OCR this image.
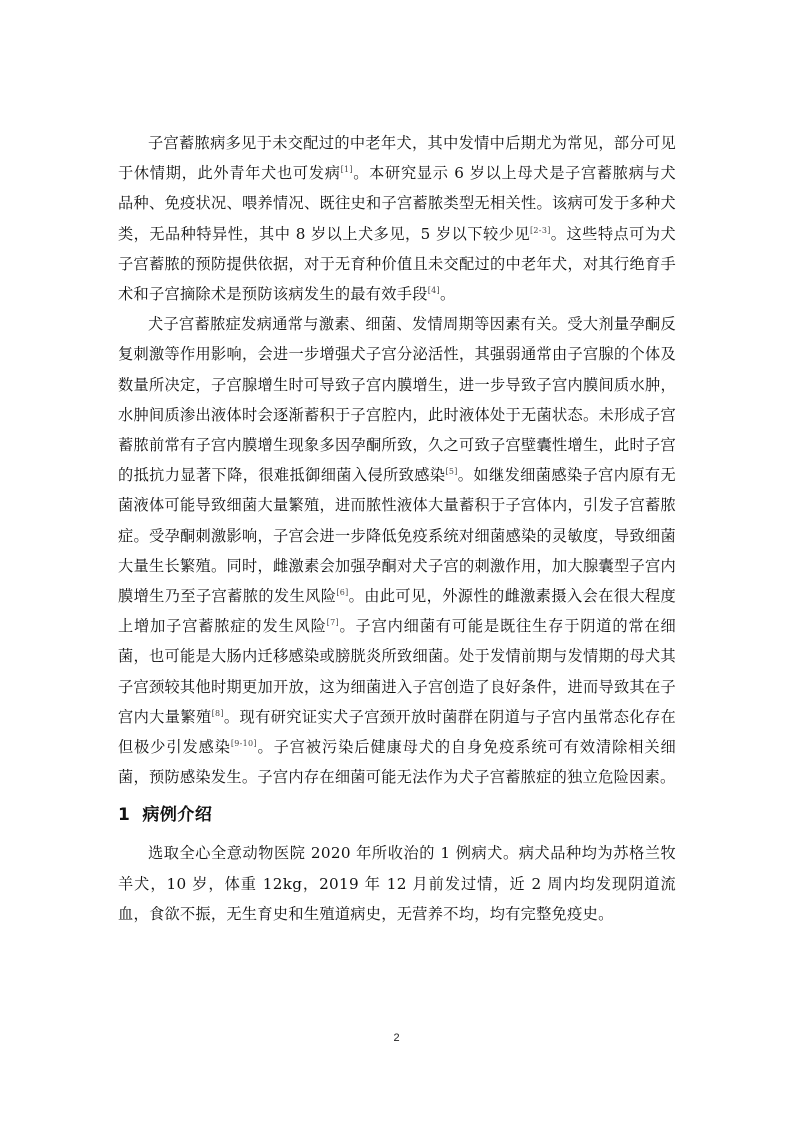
子宫蓄脓病多见于未交配过的中老年犬，其中发情中后期尤为常见，部分可见于休情期，此外青年犬也可发病[1]。本研究显示 6 岁以上母犬是子宫蓄脓病与犬品种、免疫状况、喂养情况、既往史和子宫蓄脓类型无相关性。该病可发于多种犬类，无品种特异性，其中 8 岁以上犬多见，5 岁以下较少见[2-3]。这些特点可为犬子宫蓄脓的预防提供依据，对于无育种价值且未交配过的中老年犬，对其行绝育手术和子宫摘除术是预防该病发生的最有效手段[4]。

犬子宫蓄脓症发病通常与激素、细菌、发情周期等因素有关。受大剂量孕酮反复刺激等作用影响，会进一步增强犬子宫分泌活性，其强弱通常由子宫腺的个体及数量所决定，子宫腺增生时可导致子宫内膜增生，进一步导致子宫内膜间质水肿，水肿间质渗出液体时会逐渐蓄积于子宫腔内，此时液体处于无菌状态。未形成子宫蓄脓前常有子宫内膜增生现象多因孕酮所致，久之可致子宫壁囊性增生，此时子宫的抵抗力显著下降，很难抵御细菌入侵所致感染[5]。如继发细菌感染子宫内原有无菌液体可能导致细菌大量繁殖，进而脓性液体大量蓄积于子宫体内，引发子宫蓄脓症。受孕酮刺激影响，子宫会进一步降低免疫系统对细菌感染的灵敏度，导致细菌大量生长繁殖。同时，雌激素会加强孕酮对犬子宫的刺激作用，加大腺囊型子宫内膜增生乃至子宫蓄脓的发生风险[6]。由此可见，外源性的雌激素摄入会在很大程度上增加子宫蓄脓症的发生风险[7]。子宫内细菌有可能是既往生存于阴道的常在细菌，也可能是大肠内迁移感染或膀胱炎所致细菌。处于发情前期与发情期的母犬其子宫颈较其他时期更加开放，这为细菌进入子宫创造了良好条件，进而导致其在子宫内大量繁殖[8]。现有研究证实犬子宫颈开放时菌群在阴道与子宫内虽常态化存在但极少引发感染[9-10]。子宫被污染后健康母犬的自身免疫系统可有效清除相关细菌，预防感染发生。子宫内存在细菌可能无法作为犬子宫蓄脓症的独立危险因素。

1 病例介绍

选取全心全意动物医院 2020 年所收治的 1 例病犬。病犬品种均为苏格兰牧羊犬，10 岁，体重 12kg，2019 年 12 月前发过情，近 2 周内均发现阴道流血，食欲不振，无生育史和生殖道病史，无营养不均，均有完整免疫史。

2
